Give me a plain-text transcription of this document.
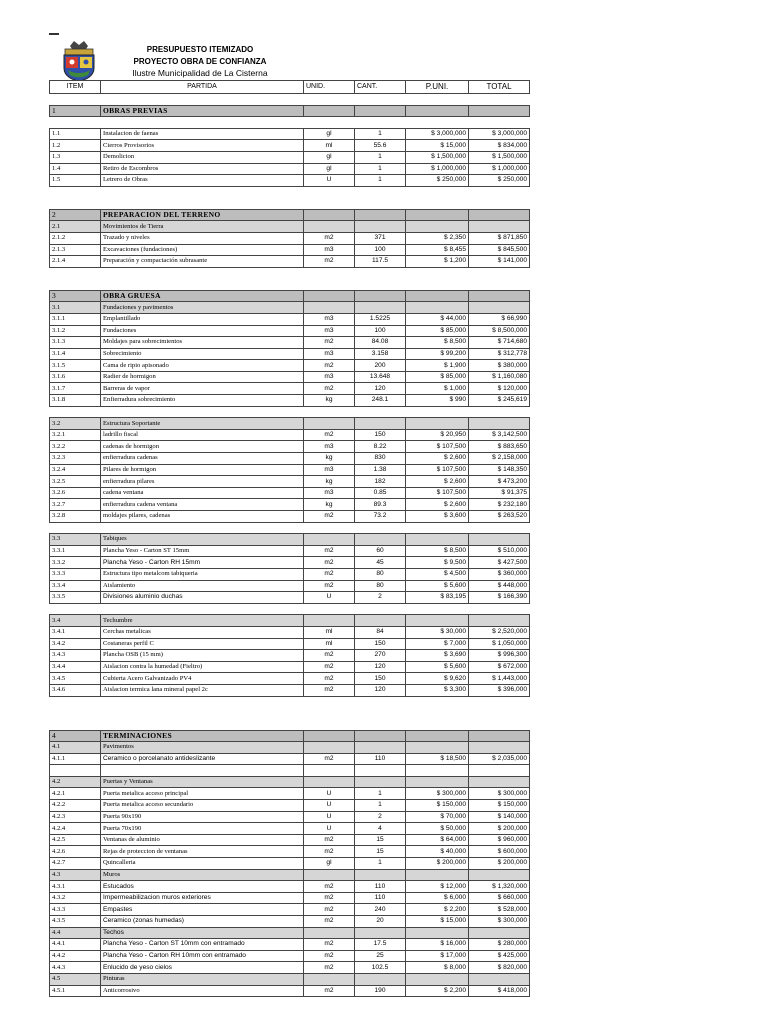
PRESUPUESTO ITEMIZADO
PROYECTO OBRA DE CONFIANZA
Ilustre Municipalidad de La Cisterna
ITEM	PARTIDA	UNID.	CANT.	P.UNI.	TOTAL

1	OBRAS PREVIAS				

1.1	Instalacion de faenas	gl	1	$ 3,000,000	$ 3,000,000
1.2	Cierros Provisorios	ml	55.6	$ 15,000	$ 834,000
1.3	Demolicion	gl	1	$ 1,500,000	$ 1,500,000
1.4	Retiro de Escombros	gl	1	$ 1,000,000	$ 1,000,000
1.5	Letrero de Obras	U	1	$ 250,000	$ 250,000

2	PREPARACION DEL TERRENO				
2.1	Movimientos de Tierra				
2.1.2	Trazado y niveles	m2	371	$ 2,350	$ 871,850
2.1.3	Excavaciones (fundaciones)	m3	100	$ 8,455	$ 845,500
2.1.4	Preparación y compactación subrasante	m2	117.5	$ 1,200	$ 141,000

3	OBRA GRUESA				
3.1	Fundaciones y pavimentos				
3.1.1	Emplantillado	m3	1.5225	$ 44,000	$ 66,990
3.1.2	Fundaciones	m3	100	$ 85,000	$ 8,500,000
3.1.3	Moldajes para sobrecimientos	m2	84.08	$ 8,500	$ 714,680
3.1.4	Sobrecimiento	m3	3.158	$ 99,200	$ 312,778
3.1.5	Cama de ripio apisonado	m2	200	$ 1,900	$ 380,000
3.1.6	Radier de hormigon	m3	13.648	$ 85,000	$ 1,160,080
3.1.7	Barreras de vapor	m2	120	$ 1,000	$ 120,000
3.1.8	Enfierradura sobrecimiento	kg	248.1	$ 990	$ 245,619

3.2	Estructura Soportante				
3.2.1	ladrillo fiscal	m2	150	$ 20,950	$ 3,142,500
3.2.2	cadenas de hormigon	m3	8.22	$ 107,500	$ 883,650
3.2.3	enfierradura cadenas	kg	830	$ 2,600	$ 2,158,000
3.2.4	Pilares de hormigon	m3	1.38	$ 107,500	$ 148,350
3.2.5	enfierradura pilares	kg	182	$ 2,600	$ 473,200
3.2.6	cadena ventana	m3	0.85	$ 107,500	$ 91,375
3.2.7	enfierradura cadena ventana	kg	89.3	$ 2,600	$ 232,180
3.2.8	moldajes pilares, cadenas	m2	73.2	$ 3,600	$ 263,520

3.3	Tabiques				
3.3.1	Plancha Yeso - Carton ST 15mm	m2	60	$ 8,500	$ 510,000
3.3.2	Plancha Yeso - Carton RH 15mm	m2	45	$ 9,500	$ 427,500
3.3.3	Estructura tipo metalcom tabiqueria	m2	80	$ 4,500	$ 360,000
3.3.4	Aislamiento	m2	80	$ 5,600	$ 448,000
3.3.5	Divisiones aluminio duchas	U	2	$ 83,195	$ 166,390

3.4	Techumbre				
3.4.1	Cerchas metalicas	ml	84	$ 30,000	$ 2,520,000
3.4.2	Costaneras perfil C	ml	150	$ 7,000	$ 1,050,000
3.4.3	Plancha OSB (15 mm)	m2	270	$ 3,690	$ 996,300
3.4.4	Aislacion contra la humedad (Fieltro)	m2	120	$ 5,600	$ 672,000
3.4.5	Cubierta Acero Galvanizado PV4	m2	150	$ 9,620	$ 1,443,000
3.4.6	Aislacion termica lana mineral papel 2c	m2	120	$ 3,300	$ 396,000

4	TERMINACIONES				
4.1	Pavimentos				
4.1.1	Ceramico o porcelanato antideslizante	m2	110	$ 18,500	$ 2,035,000

4.2	Puertas y Ventanas				
4.2.1	Puerta metalica acceso principal	U	1	$ 300,000	$ 300,000
4.2.2	Puerta metalica acceso secundario	U	1	$ 150,000	$ 150,000
4.2.3	Puerta 90x190	U	2	$ 70,000	$ 140,000
4.2.4	Puerta 70x190	U	4	$ 50,000	$ 200,000
4.2.5	Ventanas de aluminio	m2	15	$ 64,000	$ 960,000
4.2.6	Rejas de proteccion de ventanas	m2	15	$ 40,000	$ 600,000
4.2.7	Quincalleria	gl	1	$ 200,000	$ 200,000
4.3	Muros				
4.3.1	Estucados	m2	110	$ 12,000	$ 1,320,000
4.3.2	Impermeabilizacion muros exteriores	m2	110	$ 6,000	$ 660,000
4.3.3	Empastes	m2	240	$ 2,200	$ 528,000
4.3.5	Ceramico (zonas humedas)	m2	20	$ 15,000	$ 300,000
4.4	Techos				
4.4.1	Plancha Yeso - Carton ST 10mm con entramado	m2	17.5	$ 16,000	$ 280,000
4.4.2	Plancha Yeso - Carton RH 10mm con entramado	m2	25	$ 17,000	$ 425,000
4.4.3	Enlucido de yeso cielos	m2	102.5	$ 8,000	$ 820,000
4.5	Pinturas				
4.5.1	Anticorrosivo	m2	190	$ 2,200	$ 418,000
